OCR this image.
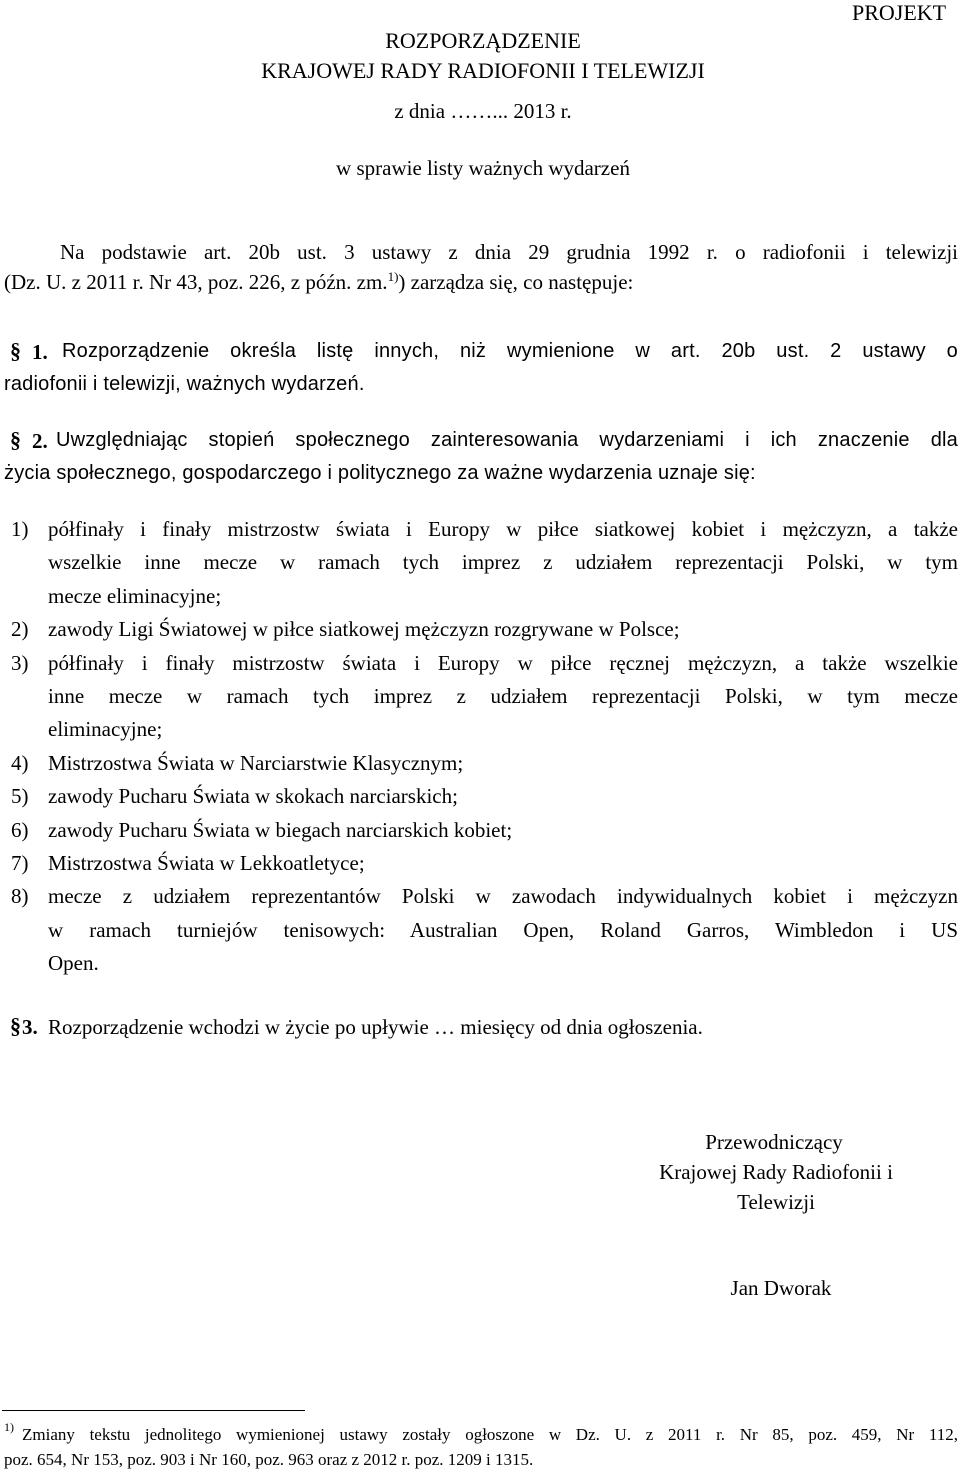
PROJEKT
ROZPORZĄDZENIE
KRAJOWEJ RADY RADIOFONII I TELEWIZJI
z dnia ……... 2013 r.
w sprawie listy ważnych wydarzeń
Na podstawie art. 20b ust. 3 ustawy z dnia 29 grudnia 1992 r. o radiofonii i telewizji
(Dz. U. z 2011 r. Nr 43, poz. 226, z późn. zm.$^{1)}$) zarządza się, co następuje:
§ 1. Rozporządzenie określa listę innych, niż wymienione w art. 20b ust. 2 ustawy o
radiofonii i telewizji, ważnych wydarzeń.
§ 2. Uwzględniając stopień społecznego zainteresowania wydarzeniami i ich znaczenie dla
życia społecznego, gospodarczego i politycznego za ważne wydarzenia uznaje się:
1) półfinały i finały mistrzostw świata i Europy w piłce siatkowej kobiet i mężczyzn, a także
wszelkie inne mecze w ramach tych imprez z udziałem reprezentacji Polski, w tym
mecze eliminacyjne;
2) zawody Ligi Światowej w piłce siatkowej mężczyzn rozgrywane w Polsce;
3) półfinały i finały mistrzostw świata i Europy w piłce ręcznej mężczyzn, a także wszelkie
inne mecze w ramach tych imprez z udziałem reprezentacji Polski, w tym mecze
eliminacyjne;
4) Mistrzostwa Świata w Narciarstwie Klasycznym;
5) zawody Pucharu Świata w skokach narciarskich;
6) zawody Pucharu Świata w biegach narciarskich kobiet;
7) Mistrzostwa Świata w Lekkoatletyce;
8) mecze z udziałem reprezentantów Polski w zawodach indywidualnych kobiet i mężczyzn
w ramach turniejów tenisowych: Australian Open, Roland Garros, Wimbledon i US
Open.
§ 3. Rozporządzenie wchodzi w życie po upływie … miesięcy od dnia ogłoszenia.
Przewodniczący
Krajowej Rady Radiofonii i
Telewizji
Jan Dworak
1) Zmiany tekstu jednolitego wymienionej ustawy zostały ogłoszone w Dz. U. z 2011 r. Nr 85, poz. 459, Nr 112,
poz. 654, Nr 153, poz. 903 i Nr 160, poz. 963 oraz z 2012 r. poz. 1209 i 1315.
